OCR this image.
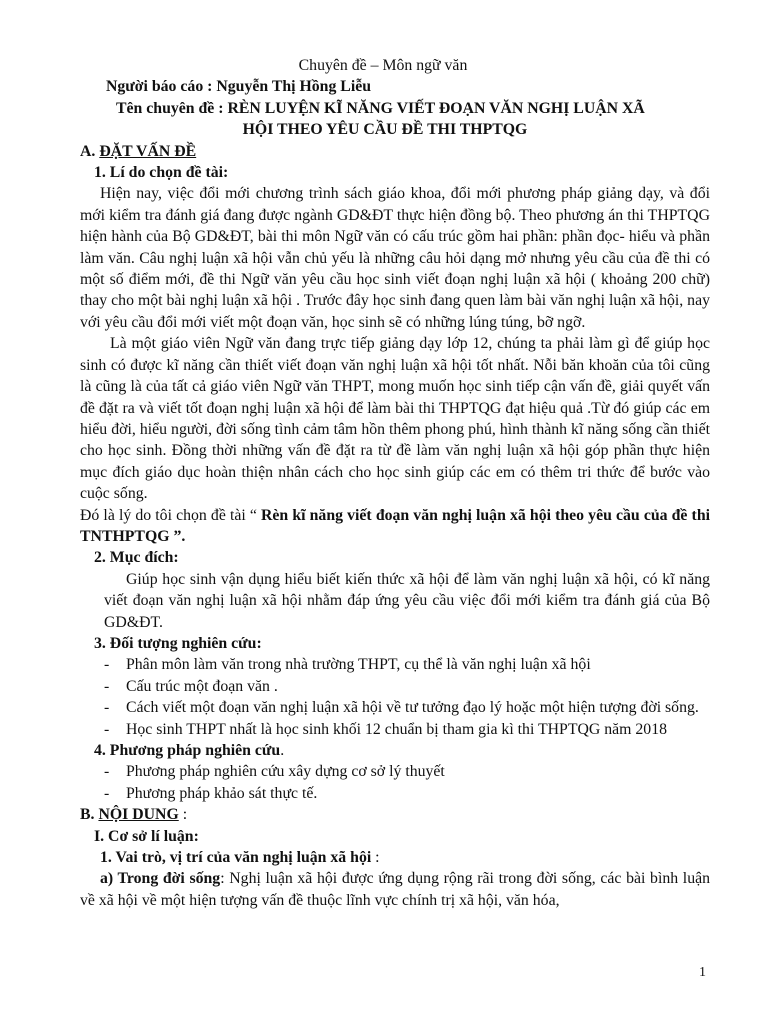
Chuyên đề – Môn ngữ văn

Người báo cáo : Nguyễn Thị Hồng Liễu

Tên chuyên đề : RÈN LUYỆN KĨ NĂNG VIẾT ĐOẠN VĂN NGHỊ LUẬN XÃ

HỘI THEO YÊU CẦU ĐỀ THI THPTQG

A. ĐẶT VẤN ĐỀ

1. Lí do chọn đề tài:

Hiện nay, việc đổi mới chương trình sách giáo khoa, đổi mới phương pháp giảng dạy, và đổi mới kiểm tra đánh giá đang được ngành GD&ĐT thực hiện đồng bộ. Theo phương án thi THPTQG hiện hành của Bộ GD&ĐT, bài thi môn Ngữ văn có cấu trúc gồm hai phần: phần đọc- hiểu và phần làm văn. Câu nghị luận xã hội vẫn chủ yếu là những câu hỏi dạng mở nhưng yêu cầu của đề thi có một số điểm mới, đề thi Ngữ văn yêu cầu học sinh viết đoạn nghị luận xã hội ( khoảng 200 chữ) thay cho một bài nghị luận xã hội . Trước đây học sinh đang quen làm bài văn nghị luận xã hội, nay với yêu cầu đổi mới viết một đoạn văn, học sinh sẽ có những lúng túng, bỡ ngỡ.

Là một giáo viên Ngữ văn đang trực tiếp giảng dạy lớp 12, chúng ta phải làm gì để giúp học sinh có được kĩ năng cần thiết viết đoạn văn nghị luận xã hội tốt nhất. Nỗi băn khoăn của tôi cũng là cũng là của tất cả giáo viên Ngữ văn THPT, mong muốn học sinh tiếp cận vấn đề, giải quyết vấn đề đặt ra và viết tốt đoạn nghị luận xã hội để làm bài thi THPTQG đạt hiệu quả .Từ đó giúp các em hiểu đời, hiểu người, đời sống tình cảm tâm hồn thêm phong phú, hình thành kĩ năng sống cần thiết cho học sinh. Đồng thời những vấn đề đặt ra từ đề làm văn nghị luận xã hội góp phần thực hiện mục đích giáo dục hoàn thiện nhân cách cho học sinh giúp các em có thêm tri thức để bước vào cuộc sống.

Đó là lý do tôi chọn đề tài “ Rèn kĩ năng viết đoạn văn nghị luận xã hội theo yêu cầu của đề thi TNTHPTQG ”.

2. Mục đích:

Giúp học sinh vận dụng hiểu biết kiến thức xã hội để làm văn nghị luận xã hội, có kĩ năng viết đoạn văn nghị luận xã hội nhằm đáp ứng yêu cầu việc đổi mới kiểm tra đánh giá của Bộ GD&ĐT.

3. Đối tượng nghiên cứu:

- Phân môn làm văn trong nhà trường THPT, cụ thể là văn nghị luận xã hội
- Cấu trúc một đoạn văn .
- Cách viết một đoạn văn nghị luận xã hội về tư tưởng đạo lý hoặc một hiện tượng đời sống.
- Học sinh THPT nhất là học sinh khối 12 chuẩn bị tham gia kì thi THPTQG năm 2018

4. Phương pháp nghiên cứu.

- Phương pháp nghiên cứu xây dựng cơ sở lý thuyết
- Phương pháp khảo sát thực tế.

B. NỘI DUNG :

I. Cơ sở lí luận:

1. Vai trò, vị trí của văn nghị luận xã hội :

a) Trong đời sống: Nghị luận xã hội được ứng dụng rộng rãi trong đời sống, các bài bình luận về xã hội về một hiện tượng vấn đề thuộc lĩnh vực chính trị xã hội, văn hóa,

1
